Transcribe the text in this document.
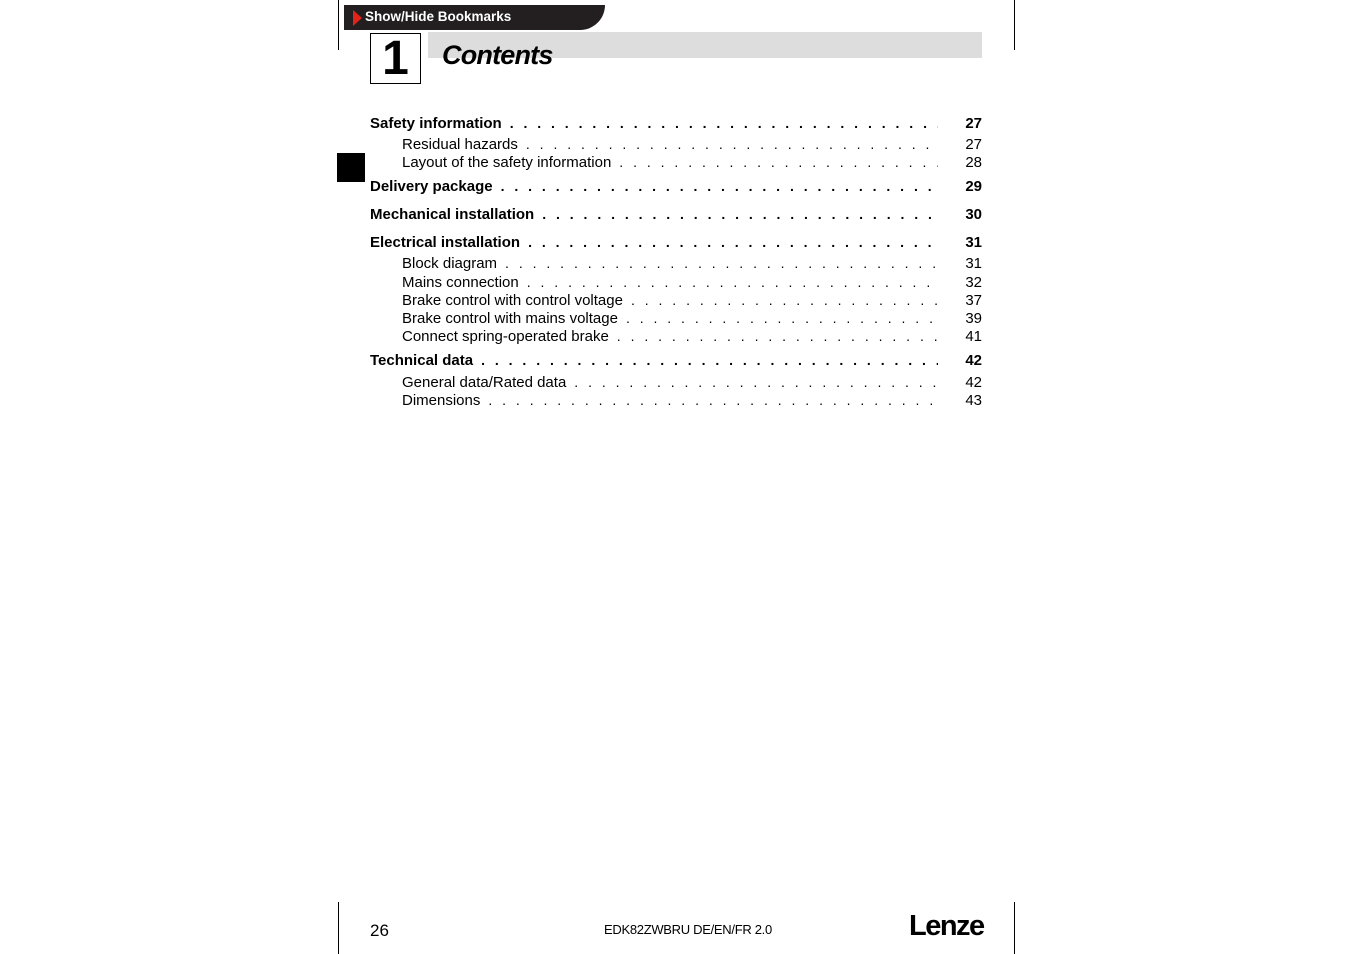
Show/Hide Bookmarks
1	Contents
Safety information . . .	27
Residual hazards . . .	27
Layout of the safety information . . .	28
Delivery package . . .	29
Mechanical installation . . .	30
Electrical installation . . .	31
Block diagram . . .	31
Mains connection . . .	32
Brake control with control voltage . . .	37
Brake control with mains voltage . . .	39
Connect spring-operated brake . . .	41
Technical data . . .	42
General data/Rated data . . .	42
Dimensions . . .	43
26	EDK82ZWBRU DE/EN/FR 2.0	Lenze
